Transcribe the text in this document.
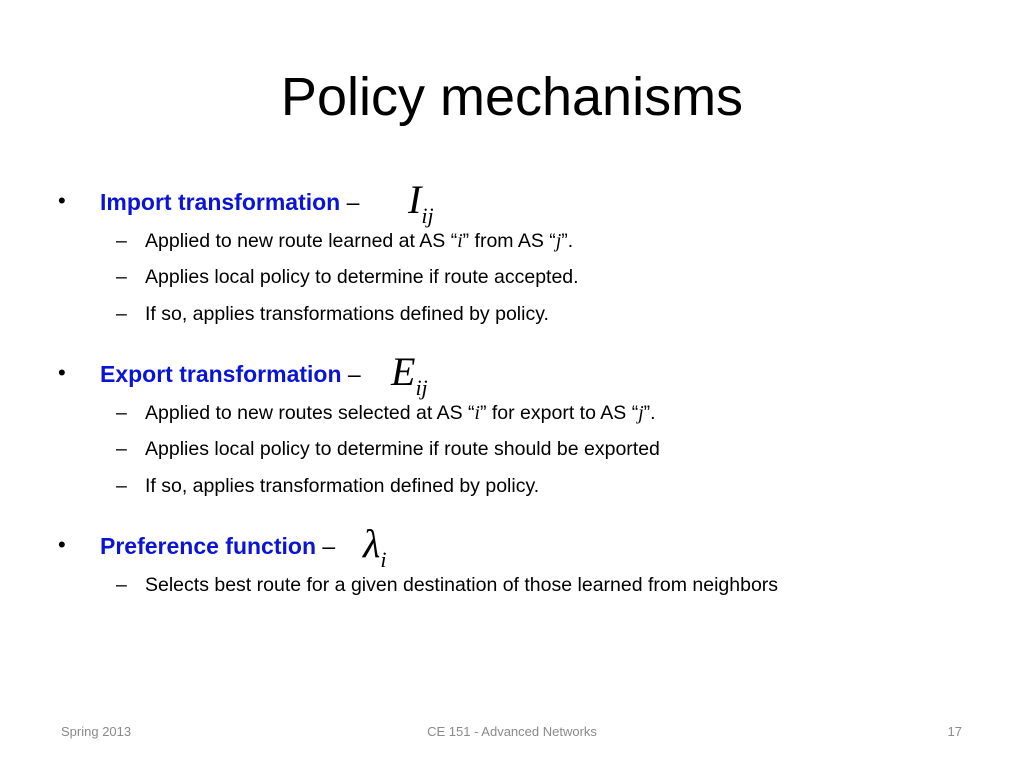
Policy mechanisms
• Import transformation – Iij
– Applied to new route learned at AS “i” from AS “j”.
– Applies local policy to determine if route accepted.
– If so, applies transformations defined by policy.
• Export transformation – Eij
– Applied to new routes selected at AS “i” for export to AS “j”.
– Applies local policy to determine if route should be exported
– If so, applies transformation defined by policy.
• Preference function – λi
– Selects best route for a given destination of those learned from neighbors
Spring 2013	CE 151 - Advanced Networks	17
